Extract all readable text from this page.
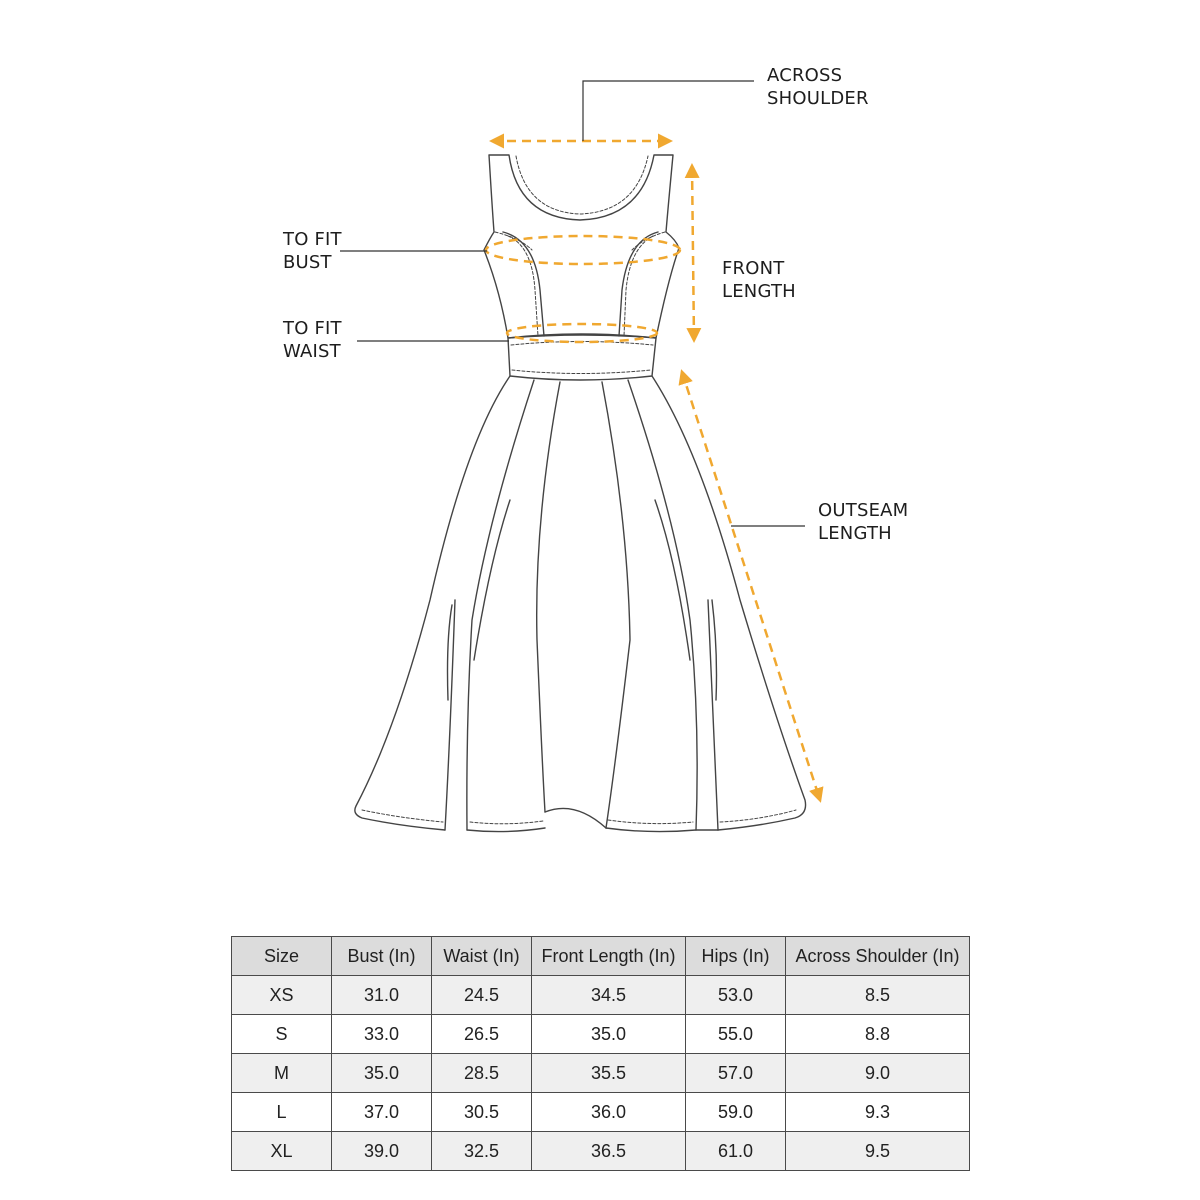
ACROSS
SHOULDER
TO FIT
BUST	FRONT
LENGTH
TO FIT
WAIST
OUTSEAM
LENGTH
Size	Bust (In)	Waist (In)	Front Length (In)	Hips (In)	Across Shoulder (In)
XS	31.0	24.5	34.5	53.0	8.5
S	33.0	26.5	35.0	55.0	8.8
M	35.0	28.5	35.5	57.0	9.0
L	37.0	30.5	36.0	59.0	9.3
XL	39.0	32.5	36.5	61.0	9.5
